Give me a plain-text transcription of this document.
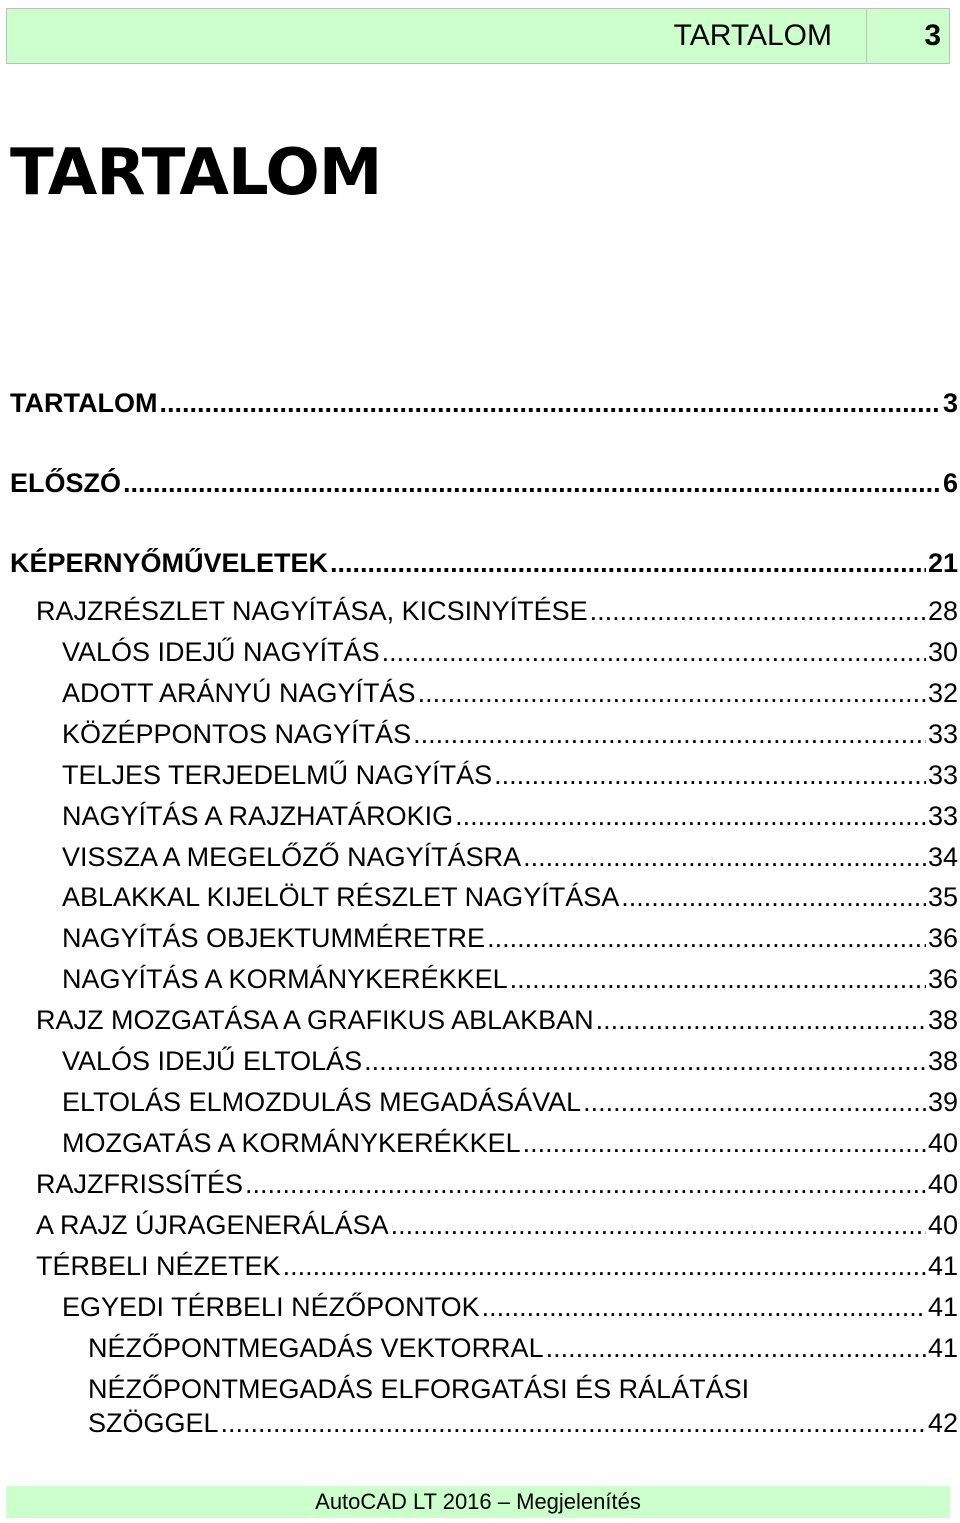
TARTALOM	3
TARTALOM
TARTALOM .....	3
ELŐSZÓ .....	6
KÉPERNYŐMŰVELETEK .....	21
RAJZRÉSZLET NAGYÍTÁSA, KICSINYÍTÉSE .....	28
VALÓS IDEJŰ NAGYÍTÁS .....	30
ADOTT ARÁNYÚ NAGYÍTÁS .....	32
KÖZÉPPONTOS NAGYÍTÁS .....	33
TELJES TERJEDELMŰ NAGYÍTÁS .....	33
NAGYÍTÁS A RAJZHATÁROKIG .....	33
VISSZA A MEGELŐZŐ NAGYÍTÁSRA .....	34
ABLAKKAL KIJELÖLT RÉSZLET NAGYÍTÁSA .....	35
NAGYÍTÁS OBJEKTUMMÉRETRE .....	36
NAGYÍTÁS A KORMÁNYKERÉKKEL .....	36
RAJZ MOZGATÁSA A GRAFIKUS ABLAKBAN .....	38
VALÓS IDEJŰ ELTOLÁS .....	38
ELTOLÁS ELMOZDULÁS MEGADÁSÁVAL .....	39
MOZGATÁS A KORMÁNYKERÉKKEL .....	40
RAJZFRISSÍTÉS .....	40
A RAJZ ÚJRAGENERÁLÁSA .....	40
TÉRBELI NÉZETEK .....	41
EGYEDI TÉRBELI NÉZŐPONTOK .....	41
NÉZŐPONTMEGADÁS VEKTORRAL .....	41
NÉZŐPONTMEGADÁS ELFORGATÁSI ÉS RÁLÁTÁSI
SZÖGGEL .....	42
AutoCAD LT 2016 – Megjelenítés
